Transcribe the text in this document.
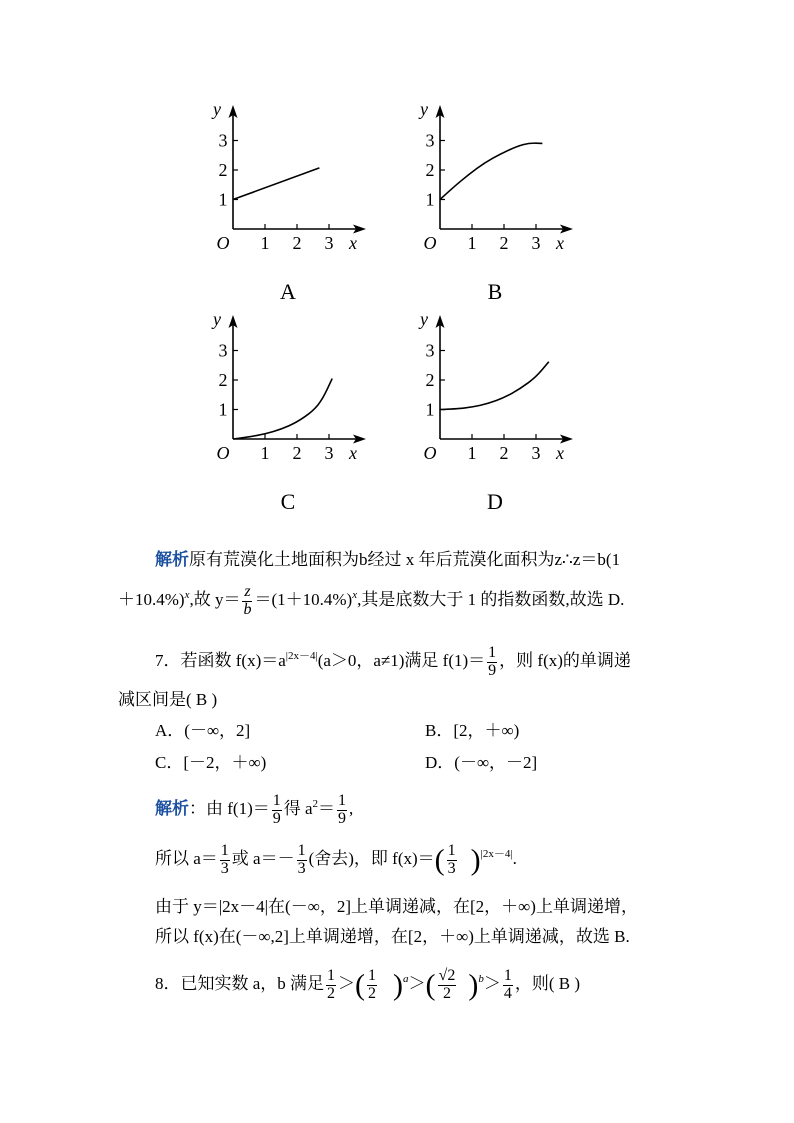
1 2 3
1
2
3
O	x
y
A
1 2 3
1
2
3
O	x
y
B
1 2 3
1
2
3
O	x
y
C
1 2 3
1
2
3
O	x
y
D
解析原有荒漠化土地面积为b经过 x 年后荒漠化面积为z∴z＝b(1
＋10.4%)$^x$,故 $y= \frac{z}{b} =(1+10.4\%)^x$,其是底数大于 1 的指数函数,故选 D.
7．若函数 $f(x)=a^{|2x-4|}(a>0$，a≠1)满足 $f(1)= \frac{1}{9}$ ，则 f(x)的单调递
减区间是( B )
A．(－∞，2]	B．[2，＋∞)
C．[－2，＋∞)	D．(－∞，－2]
解析：由 $f(1)= \frac{1}{9}$ 得 $a^2= \frac{1}{9}$ ,
所以 $a= \frac{1}{3}$ 或 $a=- \frac{1}{3}$ (舍去)，即 $f(x)=( \frac{1}{3} )^{|2x-4|}$.
由于 y＝|2x－4|在(－∞，2]上单调递减，在[2，＋∞)上单调递增，
所以 f(x)在(－∞,2]上单调递增，在[2，＋∞)上单调递减，故选 B.
8．已知实数 a，b 满足 $\frac{1}{2}$ ＞( $\frac{1}{2} )^a>( \frac{√2}{2} )^b> \frac{1}{4}$ ，则( B )
